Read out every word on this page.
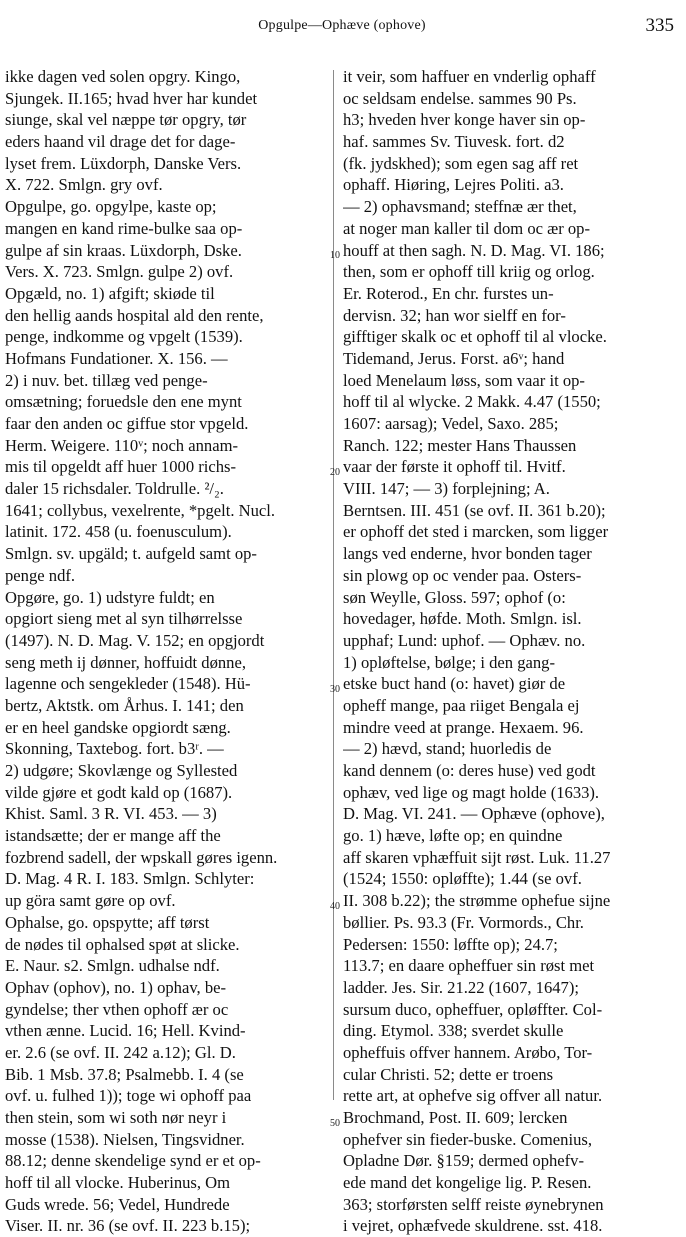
Opgulpe—Ophæve (ophove)	335
ikke dagen ved solen opgry. Kingo,
Sjungek. II.165; hvad hver har kundet
siunge, skal vel næppe tør opgry, tør
eders haand vil drage det for dage-
lyset frem. Lüxdorph, Danske Vers.
X. 722. Smlgn. gry ovf.
Opgulpe, go. opgylpe, kaste op;
mangen en kand rime-bulke saa op-
gulpe af sin kraas. Lüxdorph, Dske.
Vers. X. 723. Smlgn. gulpe 2) ovf.
Opgæld, no. 1) afgift; skiøde til
den hellig aands hospital ald den rente,
penge, indkomme og vpgelt (1539).
Hofmans Fundationer. X. 156. —
2) i nuv. bet. tillæg ved penge-
omsætning; foruedsle den ene mynt
faar den anden oc giffue stor vpgeld.
Herm. Weigere. 110ᵛ; noch annam-
mis til opgeldt aff huer 1000 richs-
daler 15 richsdaler. Toldrulle. ²/₂.
1641; collybus, vexelrente, *pgelt. Nucl.
latinit. 172. 458 (u. foenusculum).
Smlgn. sv. upgäld; t. aufgeld samt op-
penge ndf.
Opgøre, go. 1) udstyre fuldt; en
opgiort sieng met al syn tilhørrelsse
(1497). N. D. Mag. V. 152; en opgjordt
seng meth ij dønner, hoffuidt dønne,
lagenne och sengekleder (1548). Hü-
bertz, Aktstk. om Århus. I. 141; den
er en heel gandske opgiordt sæng.
Skonning, Taxtebog. fort. b3ʳ. —
2) udgøre; Skovlænge og Syllested
vilde gjøre et godt kald op (1687).
Khist. Saml. 3 R. VI. 453. — 3)
istandsætte; der er mange aff the
fozbrend sadell, der wpskall gøres igenn.
D. Mag. 4 R. I. 183. Smlgn. Schlyter:
up göra samt gøre op ovf.
Ophalse, go. opspytte; aff tørst
de nødes til ophalsed spøt at slicke.
E. Naur. s2. Smlgn. udhalse ndf.
Ophav (ophov), no. 1) ophav, be-
gyndelse; ther vthen ophoff ær oc
vthen ænne. Lucid. 16; Hell. Kvind-
er. 2.6 (se ovf. II. 242 a.12); Gl. D.
Bib. 1 Msb. 37.8; Psalmebb. I. 4 (se
ovf. u. fulhed 1)); toge wi ophoff paa
then stein, som wi soth nør neyr i
mosse (1538). Nielsen, Tingsvidner.
88.12; denne skendelige synd er et op-
hoff til all vlocke. Huberinus, Om
Guds wrede. 56; Vedel, Hundrede
Viser. II. nr. 36 (se ovf. II. 223 b.15);
it veir, som haffuer en vnderlig ophaff
oc seldsam endelse. sammes 90 Ps.
h3; hveden hver konge haver sin op-
haf. sammes Sv. Tiuvesk. fort. d2
(fk. jydskhed); som egen sag aff ret
ophaff. Hiøring, Lejres Politi. a3.
— 2) ophavsmand; steffnæ ær thet,
at noger man kaller til dom oc ær op-
houff at then sagh. N. D. Mag. VI. 186;
then, som er ophoff till kriig og orlog.
Er. Roterod., En chr. furstes un-
dervisn. 32; han wor sielff en for-
gifftiger skalk oc et ophoff til al vlocke.
Tidemand, Jerus. Forst. a6ᵛ; hand
loed Menelaum løss, som vaar it op-
hoff til al wlycke. 2 Makk. 4.47 (1550;
1607: aarsag); Vedel, Saxo. 285;
Ranch. 122; mester Hans Thaussen
vaar der første it ophoff til. Hvitf.
VIII. 147; — 3) forplejning; A.
Berntsen. III. 451 (se ovf. II. 361 b.20);
er ophoff det sted i marcken, som ligger
langs ved enderne, hvor bonden tager
sin plowg op oc vender paa. Osters-
søn Weylle, Gloss. 597; ophof (o:
hovedager, høfde. Moth. Smlgn. isl.
upphaf; Lund: uphof. — Ophæv. no.
1) opløftelse, bølge; i den gang-
etske buct hand (o: havet) giør de
opheff mange, paa riiget Bengala ej
mindre veed at prange. Hexaem. 96.
— 2) hævd, stand; huorledis de
kand dennem (o: deres huse) ved godt
ophæv, ved lige og magt holde (1633).
D. Mag. VI. 241. — Ophæve (ophove),
go. 1) hæve, løfte op; en quindne
aff skaren vphæffuit sijt røst. Luk. 11.27
(1524; 1550: opløffte); 1.44 (se ovf.
II. 308 b.22); the strømme ophefue sijne
bøllier. Ps. 93.3 (Fr. Vormords., Chr.
Pedersen: 1550: løffte op); 24.7;
113.7; en daare opheffuer sin røst met
ladder. Jes. Sir. 21.22 (1607, 1647);
sursum duco, opheffuer, opløffter. Col-
ding. Etymol. 338; sverdet skulle
opheffuis offver hannem. Arøbo, Tor-
cular Christi. 52; dette er troens
rette art, at ophefve sig offver all natur.
Brochmand, Post. II. 609; lercken
ophefver sin fieder-buske. Comenius,
Opladne Dør. §159; dermed ophefv-
ede mand det kongelige lig. P. Resen.
363; storførsten selff reiste øynebrynen
i vejret, ophæfvede skuldrene. sst. 418.
10
20
30
40
50
